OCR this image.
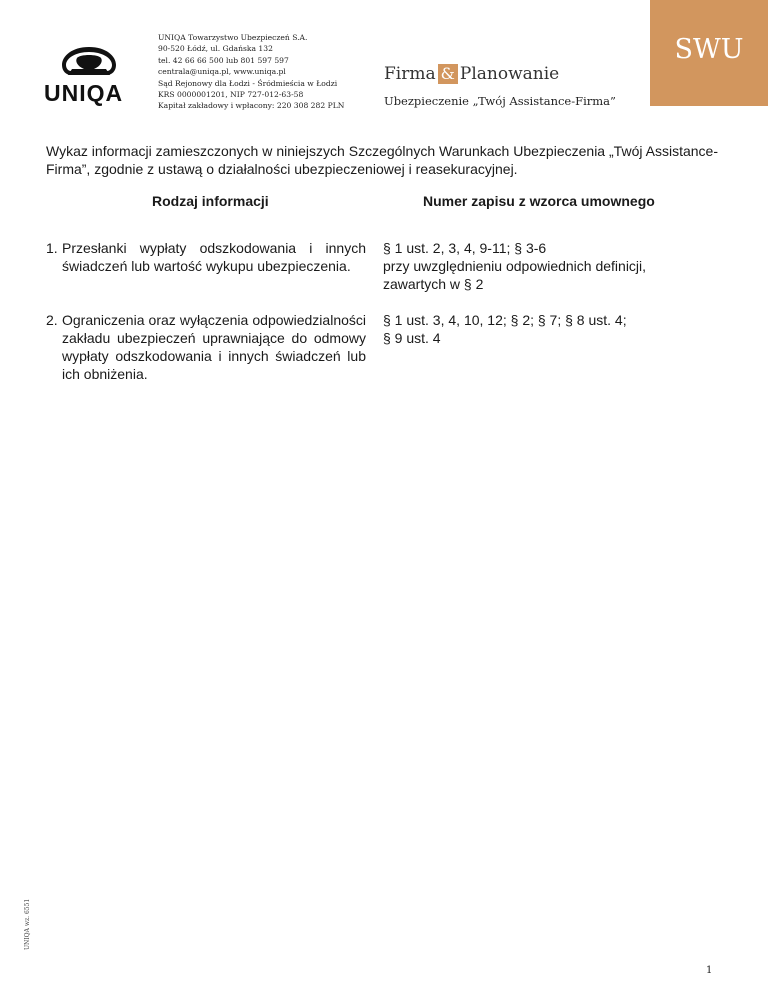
UNIQA
UNIQA Towarzystwo Ubezpieczeń S.A.
90-520 Łódź, ul. Gdańska 132
tel. 42 66 66 500 lub 801 597 597
centrala@uniqa.pl, www.uniqa.pl
Sąd Rejonowy dla Łodzi - Śródmieścia w Łodzi
KRS 0000001201, NIP 727-012-63-58
Kapitał zakładowy i wpłacony: 220 308 282 PLN
Firma & Planowanie
Ubezpieczenie „Twój Assistance-Firma”
SWU
Wykaz informacji zamieszczonych w niniejszych Szczególnych Warunkach Ubezpieczenia „Twój Assistance-Firma”, zgodnie z ustawą o działalności ubezpieczeniowej i reasekuracyjnej.
Rodzaj informacji	Numer zapisu z wzorca umownego
1. Przesłanki wypłaty odszkodowania i innych świadczeń lub wartość wykupu ubezpieczenia.
§ 1 ust. 2, 3, 4, 9-11; § 3-6
przy uwzględnieniu odpowiednich definicji,
zawartych w § 2
2. Ograniczenia oraz wyłączenia odpowiedzialności zakładu ubezpieczeń uprawniające do odmowy wypłaty odszkodowania i innych świadczeń lub ich obniżenia.
§ 1 ust. 3, 4, 10, 12; § 2; § 7; § 8 ust. 4;
§ 9 ust. 4
UNIQA wz. 6551
1
